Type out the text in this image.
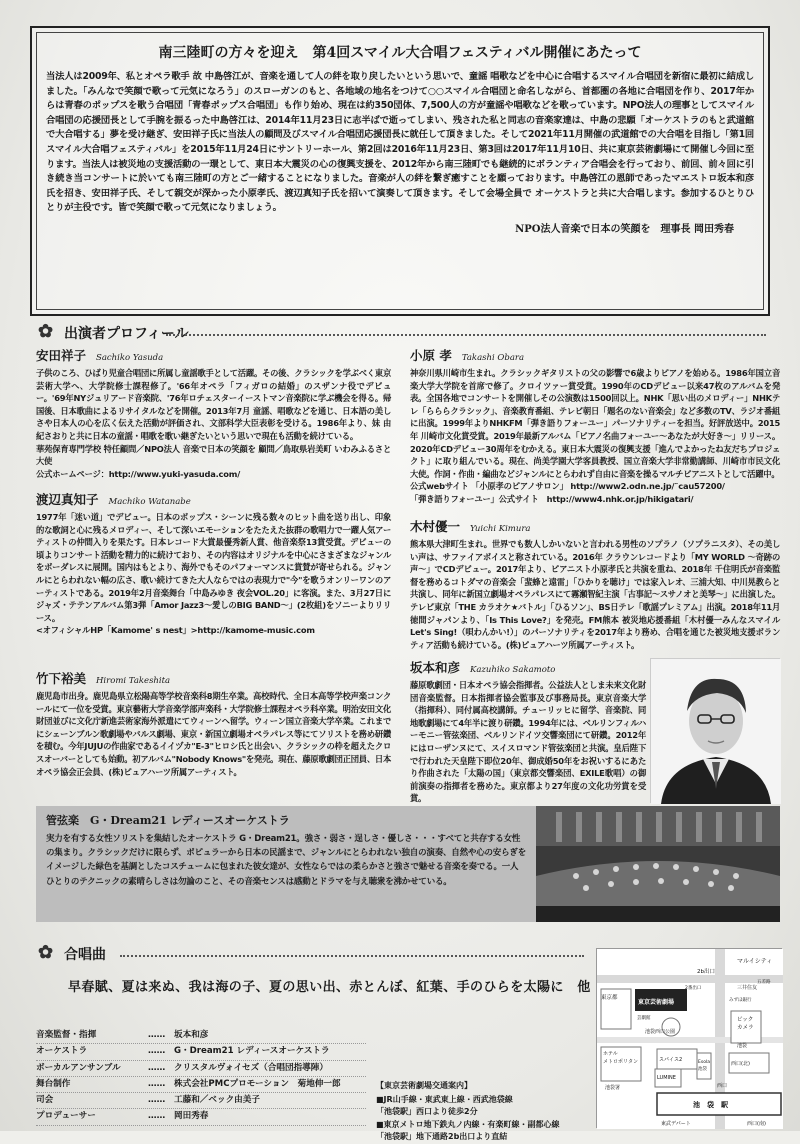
南三陸町の方々を迎え　第4回スマイル大合唱フェスティバル開催にあたって

当法人は2009年、私とオペラ歌手 故 中島啓江が、音楽を通して人の絆を取り戻したいという思いで、童謡 唱歌などを中心に合唱するスマイル合唱団を新宿に最初に結成しました。「みんなで笑顔で歌って元気になろう」のスローガンのもと、各地域の地名をつけて○○スマイル合唱団と命名しながら、首都圏の各地に合唱団を作り、2017年からは青春のポップスを歌う合唱団「青春ポップス合唱団」も作り始め、現在は約350団体、7,500人の方が童謡や唱歌などを歌っています。NPO法人の理事としてスマイル合唱団の応援団長として手腕を振るった中島啓江は、2014年11月23日に志半ばで逝ってしまい、残された私と同志の音楽家達は、中島の悲願「オーケストラのもと武道館で大合唱する」夢を受け継ぎ、安田祥子氏に当法人の顧問及びスマイル合唱団応援団長に就任して頂きました。そして2021年11月開催の武道館での大合唱を目指し「第1回スマイル大合唱フェスティバル」を2015年11月24日にサントリーホール、第2回は2016年11月23日、第3回は2017年11月10日、共に東京芸術劇場にて開催し今回に至ります。当法人は被災地の支援活動の一環として、東日本大震災の心の復興支援を、2012年から南三陸町でも継続的にボランティア合唱会を行っており、前回、前々回に引き続き当コンサートに於いても南三陸町の方とご一緒することになりました。音楽が人の絆を繋ぎ癒すことを願っております。中島啓江の恩師であったマエストロ坂本和彦氏を招き、安田祥子氏、そして親交が深かった小原孝氏、渡辺真知子氏を招いて演奏して頂きます。そして会場全員で オーケストラと共に大合唱します。参加するひとりひとりが主役です。皆で笑顔で歌って元気になりましょう。

NPO法人音楽で日本の笑顔を　理事長 岡田秀春
✿
出演者プロフィール
安田祥子 Sachiko Yasuda
子供のころ、ひばり児童合唱団に所属し童謡歌手として活躍。その後、クラシックを学ぶべく東京芸術大学へ、大学院修士課程修了。'66年オペラ「フィガロの結婚」のスザンナ役でデビュー。'69年NYジュリアード音楽院、'76年ロチェスターイーストマン音楽院に学ぶ機会を得る。帰国後、日本歌曲によるリサイタルなどを開催。2013年7月 童謡、唱歌などを通じ、日本語の美しさや日本人の心を広く伝えた活動が評価され、文部科学大臣表彰を受ける。1986年より、妹 由紀さおりと共に日本の童謡・唱歌を歌い継ぎたいという思いで現在も活動を続けている。
華苑保育専門学校 特任顧問／NPO法人 音楽で日本の笑顔を 顧問／鳥取県岩美町 いわみふるさと大使
公式ホームページ：http://www.yuki-yasuda.com/
渡辺真知子 Machiko Watanabe
1977年「迷い道」でデビュー。日本のポップス・シーンに残る数々のヒット曲を送り出し、印象的な歌詞と心に残るメロディー、そして深いエモーションをたたえた抜群の歌唱力で一躍人気アーティストの仲間入りを果たす。日本レコード大賞最優秀新人賞、他音楽祭13賞受賞。デビューの頃よりコンサート活動を精力的に続けており、その内容はオリジナルを中心にさまざまなジャンルをボーダレスに展開。国内はもとより、海外でもそのパフォーマンスに賞賛が寄せられる。ジャンルにとらわれない幅の広さ、歌い続けてきた大人ならではの表現力で"今"を歌うオンリーワンのアーティストである。2019年2月音楽舞台「中島みゆき 夜会VOL.20」に客演。また、3月27日にジャズ・テテンアルバム第3弾「Amor Jazz3～愛しのBIG BAND～」(2枚組)をソニーよりリリース。
<オフィシャルHP「Kamome' s nest」>http://kamome-music.com
竹下裕美 Hiromi Takeshita
鹿児島市出身。鹿児島県立松陽高等学校音楽科8期生卒業。高校時代、全日本高等学校声楽コンクールにて一位を受賞。東京藝術大学音楽学部声楽科・大学院修士課程オペラ科卒業。明治安田文化財団並びに文化庁新進芸術家海外派遣にてウィーンへ留学。ウィーン国立音楽大学卒業。これまでにシェーンブルン歌劇場やバルス劇場、東京・新国立劇場オペラパレス等にてソリストを務め研鑽を積む。今年JUJUの作曲家であるイイヅカ"E-3"ヒロシ氏と出会い、クラシックの枠を超えたクロスオーバーとしても始動。初アルバム"Nobody Knows"を発売。現在、藤原歌劇団正団員、日本オペラ協会正会員、(株)ピュアハーツ所属アーティスト。
小原 孝 Takashi Obara
神奈川県川崎市生まれ。クラシックギタリストの父の影響で6歳よりピアノを始める。1986年国立音楽大学大学院を首席で修了。クロイツァー賞受賞。1990年のCDデビュー以来47枚のアルバムを発表。全国各地でコンサートを開催しその公演数は1500回以上。NHK「思い出のメロディー」NHKテレ「らららクラシック」、音楽教育番組、テレビ朝日「題名のない音楽会」など多数のTV、ラジオ番組に出演。1999年よりNHKFM「弾き語りフォーユー」パーソナリティーを担当。好評放送中。2015年 川崎市文化賞受賞。2019年最新アルバム「ピアノ名曲フォーユー～あなたが大好き～」リリース。2020年CDデビュー30周年をむかえる。東日本大震災の復興支援「進んでよかったね友だちプロジェクト」に取り組んでいる。現在、尚美学園大学客員教授、国立音楽大学非常勤講師、川崎市市民文化大使。作詞・作曲・編曲などジャンルにとらわれず自由に音楽を操るマルチピアニストとして活躍中。
公式webサイト 「小原孝のピアノサロン」 http://www2.odn.ne.jp/˜cau57200/
「弾き語りフォーユー」公式サイト　http://www4.nhk.or.jp/hikigatari/
木村優一 Yuichi Kimura
熊本県大津町生まれ。世界でも数人しかいないと言われる男性のソプラノ（ソプラニスタ）、その美しい声は、サファイアボイスと称されている。2016年 クラウンレコードより「MY WORLD ～奇跡の声～」でCDデビュー。2017年より、ピアニスト小原孝氏と共演を重ね、2018年 千住明氏が音楽監督を務めるコトダマの音楽会「蜚蜂と遠雷」「ひかりを聴け」では家入レオ、三浦大知、中川晃教らと共演し、同年に新国立劇場オペラパレスにて霧瀬智紀主演「古事記～スサノオと美琴～」に出演した。テレビ東京「THE カラオケ★バトル」「ひるソン」、BS日テレ「歌謡プレミアム」出演。2018年11月 徳間ジャパンより、「Is This Love?」を発売。FM熊本 被災地応援番組「木村優一みんなスマイル Let's Sing!（唄わんかい!）」のパーソナリティを2017年より務め、合唱を通じた被災地支援ボランティア活動も続けている。(株)ピュアハーツ所属アーティスト。
坂本和彦 Kazuhiko Sakamoto
藤原歌劇団・日本オペラ協会指揮者。公益法人としま未来文化財団音楽監督。日本指揮者協会監事及び事務局長。東京音楽大学（指揮科）、同付属高校講師。チューリッヒに留学、音楽院、同地歌劇場にて4年半に渡り研鑽。1994年には、ベルリンフィルハーモニー管弦楽団、ベルリンドイツ交響楽団にて研鑽。2012年にはローザンヌにて、スイスロマンド管弦楽団と共演。皇后陛下で行われた天皇陛下即位20年、御成婚50年をお祝いするにあたり作曲された「太陽の国」（東京都交響楽団、EXILE歌唱）の御前演奏の指揮者を務めた。東京都より27年度の文化功労賞を受賞。
管弦楽　G・Dream21 レディースオーケストラ
実力を有する女性ソリストを集結したオーケストラ G・Dream21。強さ・弱さ・逞しさ・優しさ・・・すべてと共存する女性の集まり。クラシックだけに限らず、ポピュラーから日本の民謡まで、ジャンルにとらわれない独自の演奏、自然や心の安らぎをイメージした緑色を基調としたコスチュームに包まれた彼女達が、女性ならではの柔らかさと強さで魅せる音楽を奏でる。一人ひとりのテクニックの素晴らしさは勿論のこと、その音楽センスは感動とドラマを与え聴衆を沸かせている。
✿
合唱曲
早春賦、夏は来ぬ、我は海の子、夏の思い出、赤とんぼ、紅葉、手のひらを太陽に　他
音楽監督・指揮	……	坂本和彦
オーケストラ	……	G・Dream21 レディースオーケストラ
ボーカルアンサンブル	……	クリスタルヴォイセズ（合唱団指導陣）
舞台制作	……	株式会社PMCプロモーション　菊地伸一郎
司会	……	工藤和／ベック由美子
プロデューサー	……	岡田秀春
【東京芸術劇場交通案内】
■JR山手線・東武東上線・西武池袋線
「池袋駅」西口より徒歩2分
■東京メトロ地下鉄丸ノ内線・有楽町線・副都心線
「池袋駅」地下通路2b出口より直結
マルイシティ
2b出口
東京都
東京芸術劇場
ホテル
メトロポリタン
ビック
カメラ
池袋西口公園
スパイス2	Esola
池袋
LUMINE
西口(北)
池　袋　駅
池袋署
三井住友
池袋
西口(南)
東武デパート
2番出口
西口
五差路
みずほ銀行
芸劇館
